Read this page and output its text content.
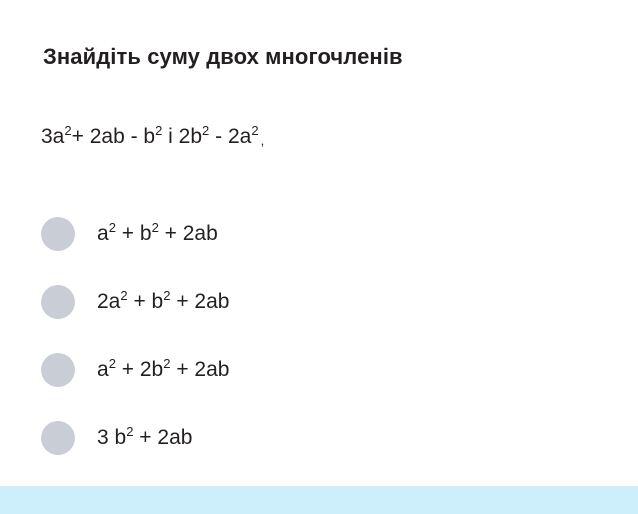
Знайдіть суму двох многочленів
$3a^2+ 2ab - b^2$ і $2b^2 - 2a^2$,
$a^2 + b^2 + 2ab$
$2a^2 + b^2 + 2ab$
$a^2 + 2b^2 + 2ab$
3 $b^2 + 2ab$
